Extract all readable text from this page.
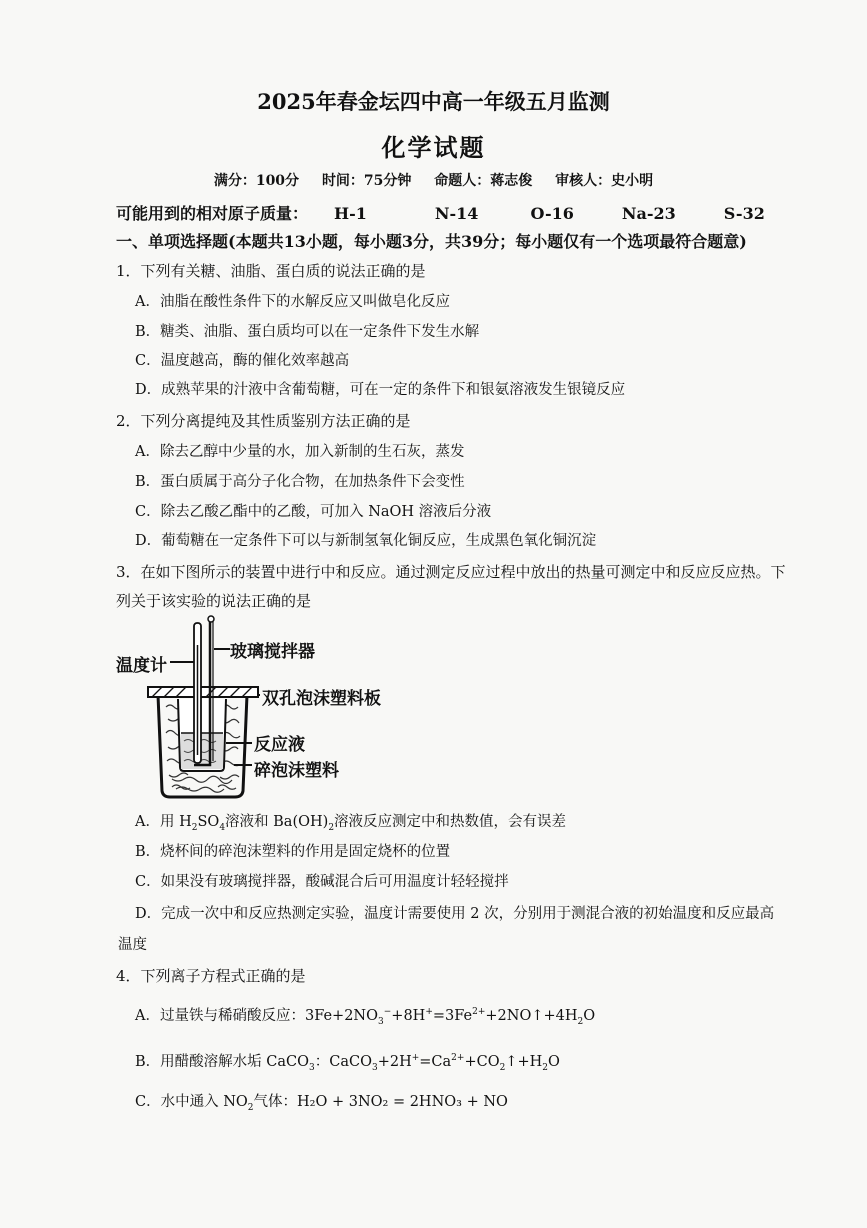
2025年春金坛四中高一年级五月监测
化学试题
满分：100分 时间：75分钟 命题人：蒋志俊 审核人：史小明
可能用到的相对原子质量： H-1	N-14	O-16	Na-23	S-32
一、单项选择题(本题共13小题，每小题3分，共39分；每小题仅有一个选项最符合题意)
1．下列有关糖、油脂、蛋白质的说法正确的是
A．油脂在酸性条件下的水解反应又叫做皂化反应
B．糖类、油脂、蛋白质均可以在一定条件下发生水解
C．温度越高，酶的催化效率越高
D．成熟苹果的汁液中含葡萄糖，可在一定的条件下和银氨溶液发生银镜反应
2．下列分离提纯及其性质鉴别方法正确的是
A．除去乙醇中少量的水，加入新制的生石灰，蒸发
B．蛋白质属于高分子化合物，在加热条件下会变性
C．除去乙酸乙酯中的乙酸，可加入 NaOH 溶液后分液
D．葡萄糖在一定条件下可以与新制氢氧化铜反应，生成黑色氧化铜沉淀
3．在如下图所示的装置中进行中和反应。通过测定反应过程中放出的热量可测定中和反应反应热。下
列关于该实验的说法正确的是
温度计
玻璃搅拌器
双孔泡沫塑料板
反应液
碎泡沫塑料
A．用 $H_2SO_4$溶液和 $Ba(OH)_2$溶液反应测定中和热数值，会有误差
B．烧杯间的碎泡沫塑料的作用是固定烧杯的位置
C．如果没有玻璃搅拌器，酸碱混合后可用温度计轻轻搅拌
D．完成一次中和反应热测定实验，温度计需要使用 2 次，分别用于测混合液的初始温度和反应最高
温度
4．下列离子方程式正确的是
A．过量铁与稀硝酸反应：$3Fe+2NO_3^-+8H^+=3Fe^{2+}+2NO↑+4H_2O$
B．用醋酸溶解水垢 CaCO$_3$：$CaCO_3+2H^+=Ca^{2+}+CO_2↑+H_2O$
C．水中通入 $NO_2$气体：H₂O + 3NO₂ = 2HNO₃ + NO
